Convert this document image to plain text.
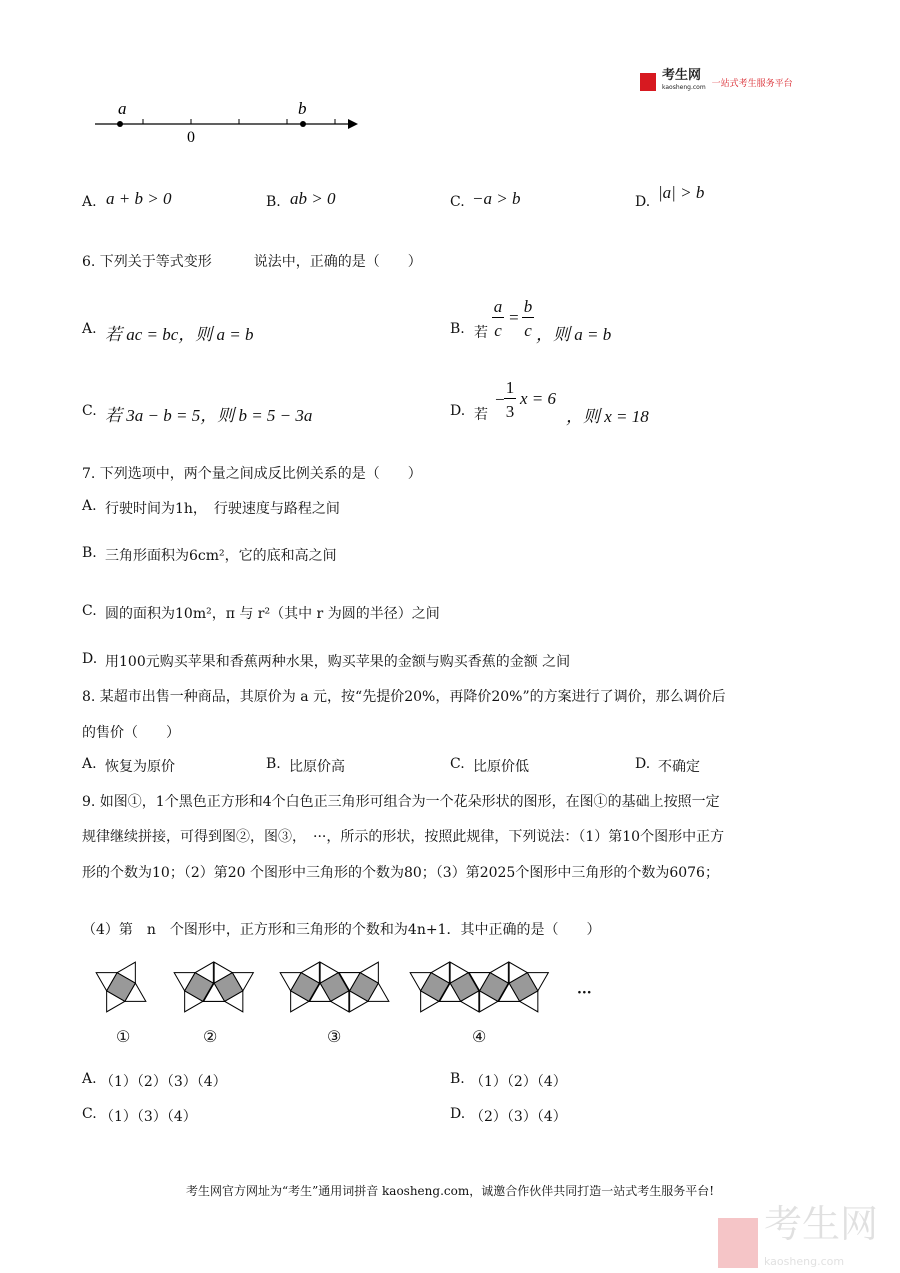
考生网
kaosheng.com 一站式考生服务平台
a	b
0
A. a + b > 0	B. ab > 0	C. −a > b	D. |a| > b
6. 下列关于等式变形　　　说法中，正确的是（　　）
A. 若 ac = bc，则 a = b	B. 若
a
c
=
b
c ，则 a = b
C. 若 3a − b = 5，则 b = 5 − 3a	D. 若
−
1
3
x = 6
，则 x = 18
7. 下列选项中，两个量之间成反比例关系的是（　　）
A. 行驶时间为1h，　行驶速度与路程之间
B. 三角形面积为6cm²，它的底和高之间
C. 圆的面积为10m²，π 与 r²（其中 r 为圆的半径）之间
D. 用100元购买苹果和香蕉两种水果，购买苹果的金额与购买香蕉的金额 之间
8. 某超市出售一种商品，其原价为 a 元，按“先提价20%，再降价20%”的方案进行了调价，那么调价后
的售价（　　）
A. 恢复为原价	B. 比原价高	C. 比原价低	D. 不确定
9. 如图①，1个黑色正方形和4个白色正三角形可组合为一个花朵形状的图形，在图①的基础上按照一定
规律继续拼接，可得到图②，图③，　···，所示的形状，按照此规律，下列说法：（1）第10个图形中正方
形的个数为10；（2）第20 个图形中三角形的个数为80；（3）第2025个图形中三角形的个数为6076；
（4）第　n　个图形中，正方形和三角形的个数和为4n+1．其中正确的是（　　）
①	②	③	④
···
A. （1）（2）（3）（4）	B. （1）（2）（4）
C. （1）（3）（4）	D. （2）（3）（4）
考生网官方网址为“考生”通用词拼音 kaosheng.com，诚邀合作伙伴共同打造一站式考生服务平台!
考生网
kaosheng.com
